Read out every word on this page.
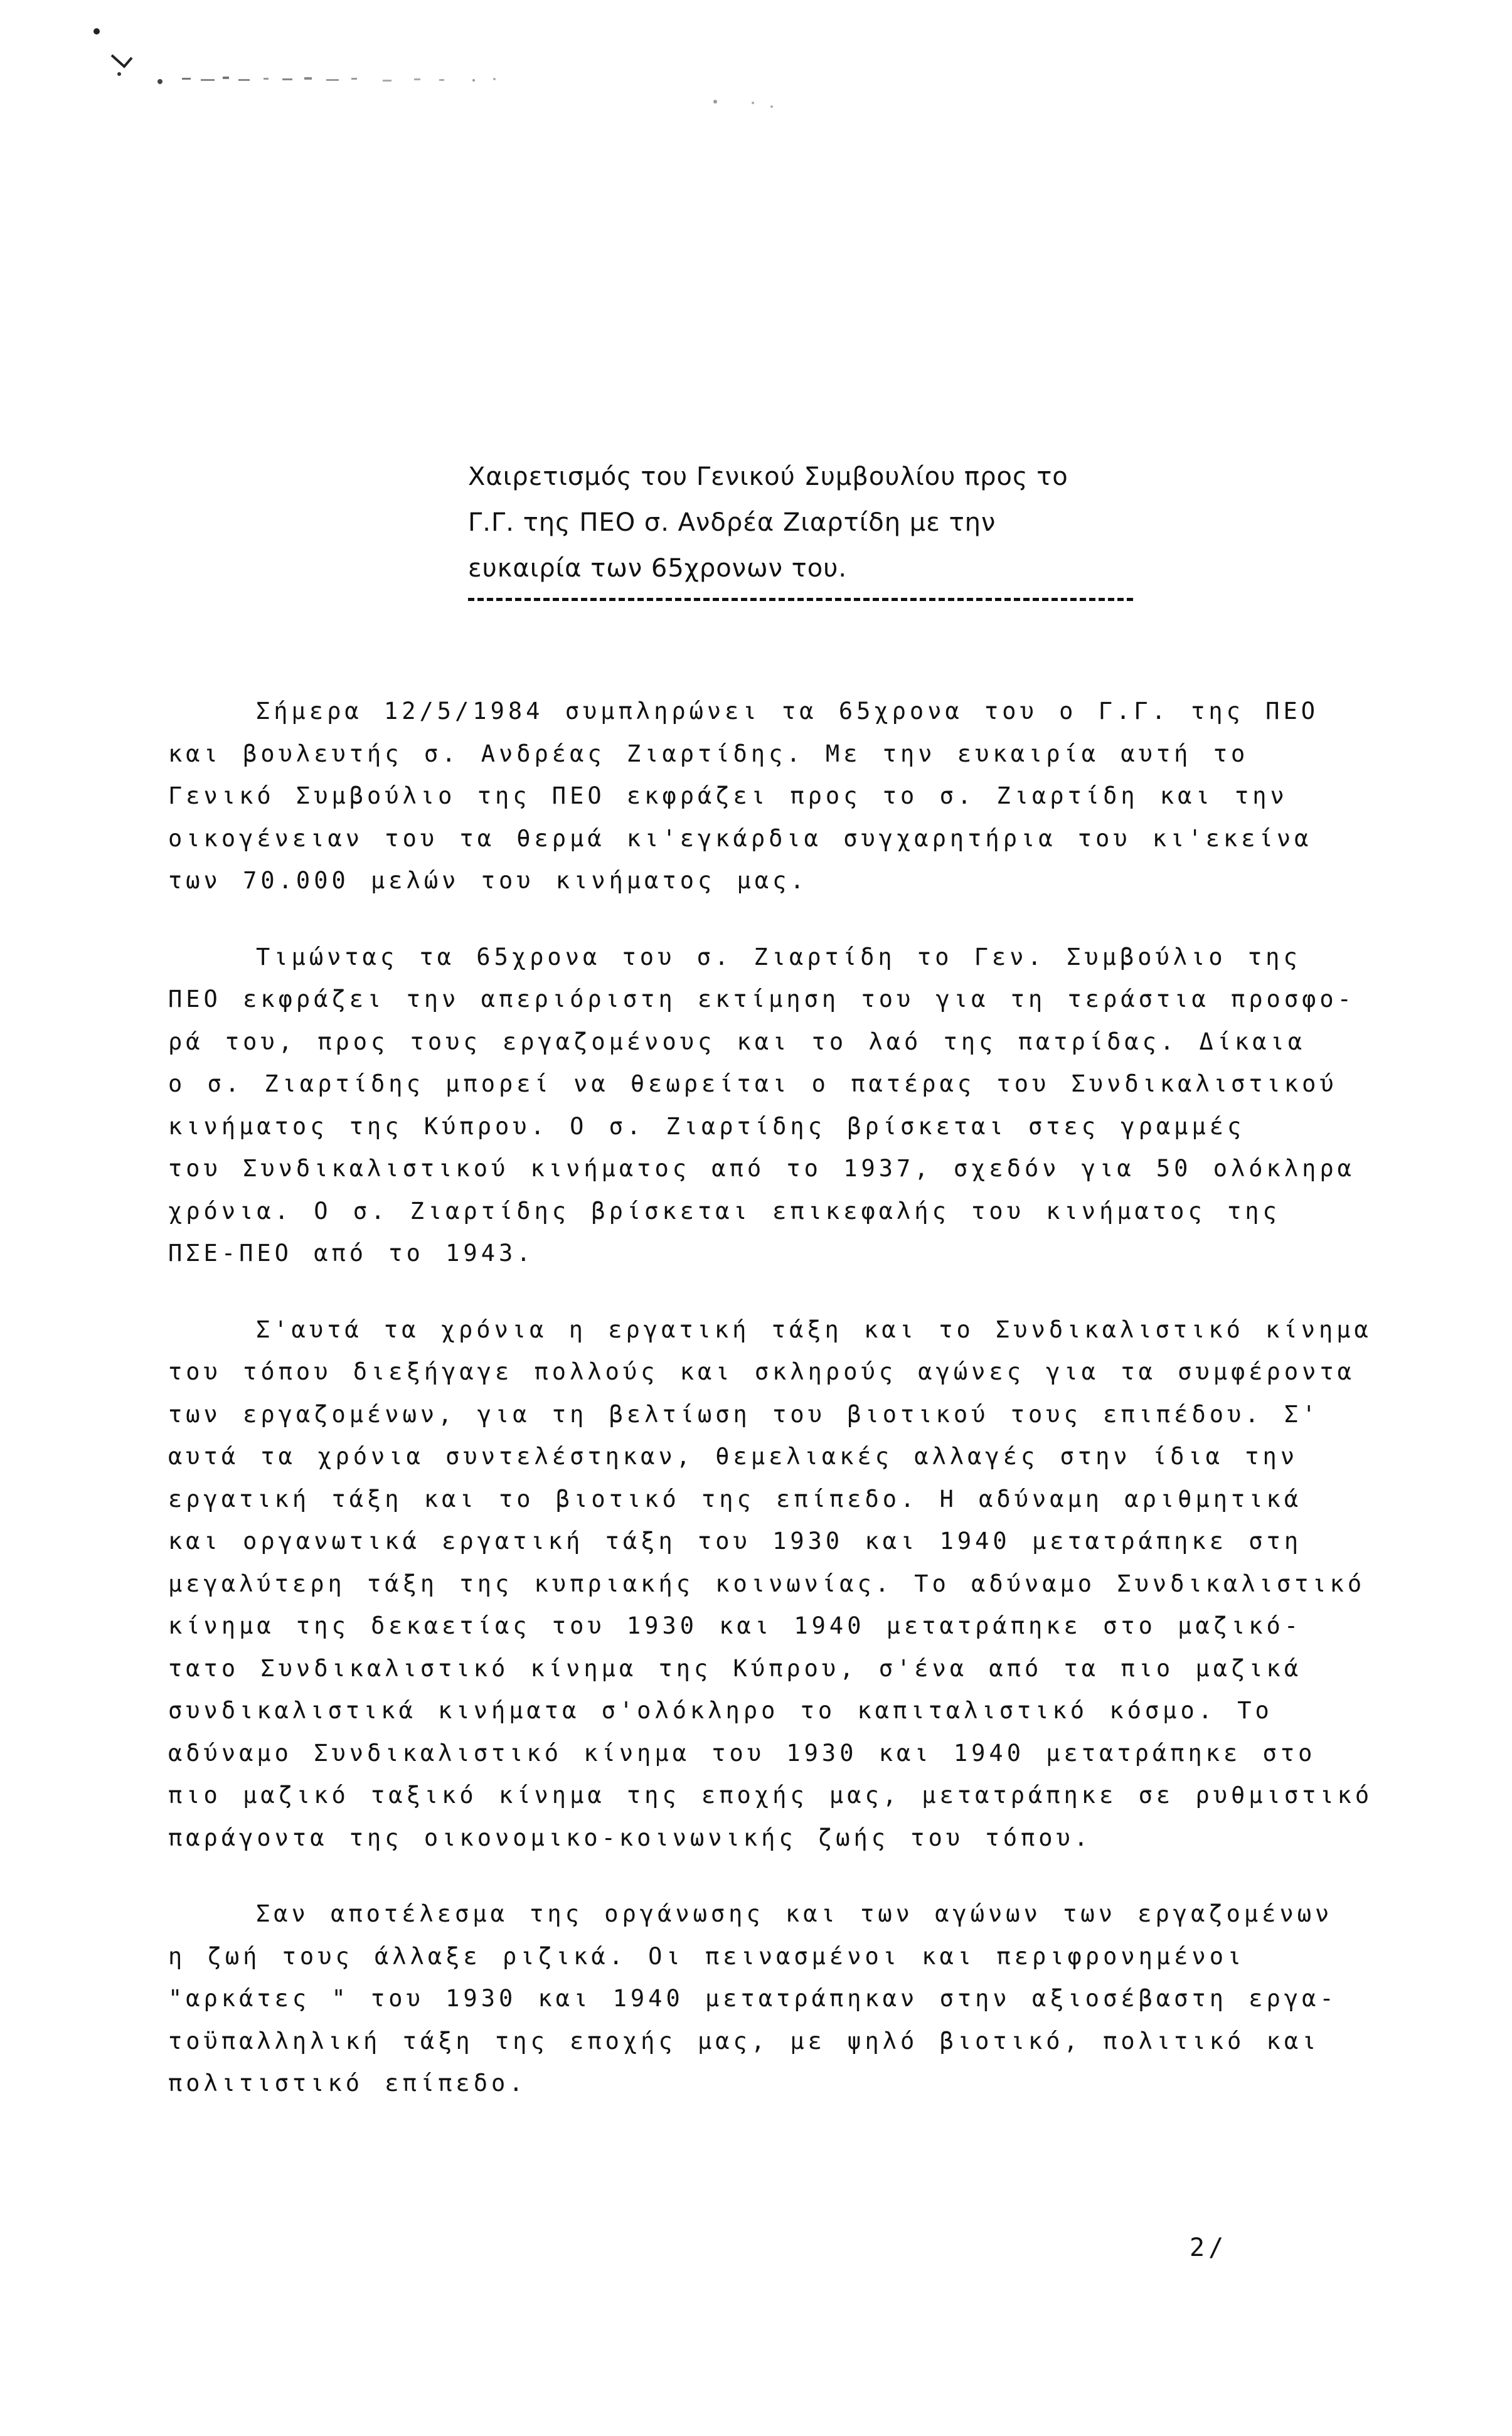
Χαιρετισμός του Γενικού Συμβουλίου προς το
Γ.Γ. της ΠΕΟ σ. Ανδρέα Ζιαρτίδη με την
ευκαιρία των 65χρονων του.
Σήμερα 12/5/1984 συμπληρώνει τα 65χρονα του ο Γ.Γ. της ΠΕΟ
και βουλευτής σ. Ανδρέας Ζιαρτίδης. Με την ευκαιρία αυτή το
Γενικό Συμβούλιο της ΠΕΟ εκφράζει προς το σ. Ζιαρτίδη και την
οικογένειαν του τα θερμά κι'εγκάρδια συγχαρητήρια του κι'εκείνα
των 70.000 μελών του κινήματος μας.
Τιμώντας τα 65χρονα του σ. Ζιαρτίδη το Γεν. Συμβούλιο της
ΠΕΟ εκφράζει την απεριόριστη εκτίμηση του για τη τεράστια προσφο-
ρά του, προς τους εργαζομένους και το λαό της πατρίδας. Δίκαια
ο σ. Ζιαρτίδης μπορεί να θεωρείται ο πατέρας του Συνδικαλιστικού
κινήματος της Κύπρου. Ο σ. Ζιαρτίδης βρίσκεται στες γραμμές
του Συνδικαλιστικού κινήματος από το 1937, σχεδόν για 50 ολόκληρα
χρόνια. Ο σ. Ζιαρτίδης βρίσκεται επικεφαλής του κινήματος της
ΠΣΕ-ΠΕΟ από το 1943.
Σ'αυτά τα χρόνια η εργατική τάξη και το Συνδικαλιστικό κίνημα
του τόπου διεξήγαγε πολλούς και σκληρούς αγώνες για τα συμφέροντα
των εργαζομένων, για τη βελτίωση του βιοτικού τους επιπέδου. Σ'
αυτά τα χρόνια συντελέστηκαν, θεμελιακές αλλαγές στην ίδια την
εργατική τάξη και το βιοτικό της επίπεδο. Η αδύναμη αριθμητικά
και οργανωτικά εργατική τάξη του 1930 και 1940 μετατράπηκε στη
μεγαλύτερη τάξη της κυπριακής κοινωνίας. Το αδύναμο Συνδικαλιστικό
κίνημα της δεκαετίας του 1930 και 1940 μετατράπηκε στο μαζικό-
τατο Συνδικαλιστικό κίνημα της Κύπρου, σ'ένα από τα πιο μαζικά
συνδικαλιστικά κινήματα σ'ολόκληρο το καπιταλιστικό κόσμο. Το
αδύναμο Συνδικαλιστικό κίνημα του 1930 και 1940 μετατράπηκε στο
πιο μαζικό ταξικό κίνημα της εποχής μας, μετατράπηκε σε ρυθμιστικό
παράγοντα της οικονομικο-κοινωνικής ζωής του τόπου.
Σαν αποτέλεσμα της οργάνωσης και των αγώνων των εργαζομένων
η ζωή τους άλλαξε ριζικά. Οι πεινασμένοι και περιφρονημένοι
"αρκάτες " του 1930 και 1940 μετατράπηκαν στην αξιοσέβαστη εργα-
τοϋπαλληλική τάξη της εποχής μας, με ψηλό βιοτικό, πολιτικό και
πολιτιστικό επίπεδο.
2/
